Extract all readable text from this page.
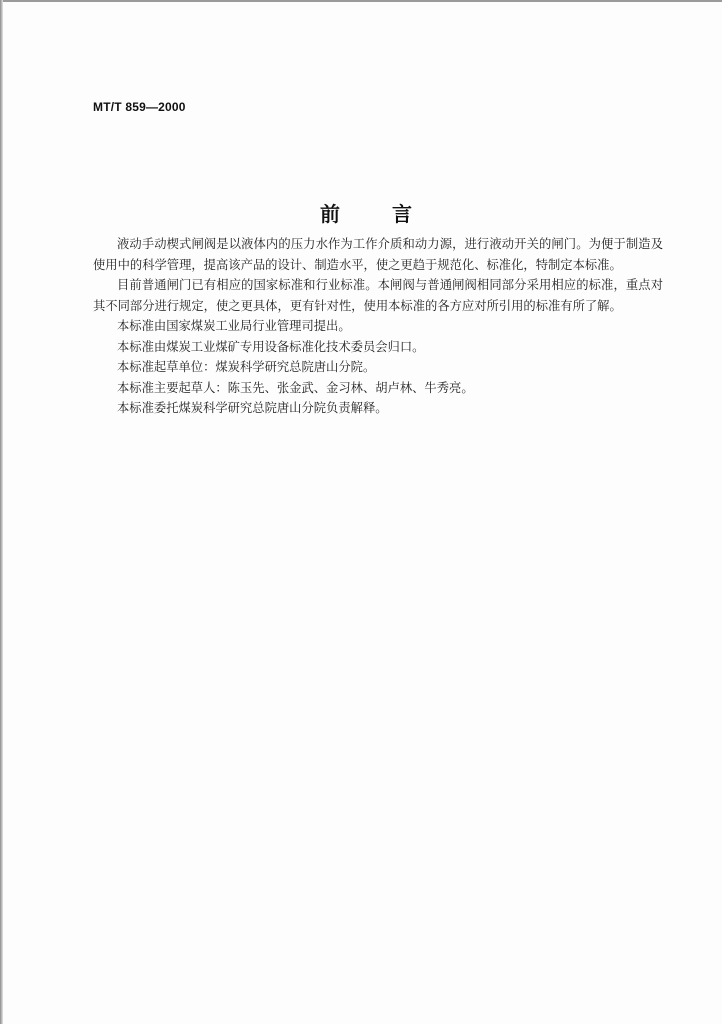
MT/T 859—2000
前	言

液动手动楔式闸阀是以液体内的压力水作为工作介质和动力源，进行液动开关的闸门。为便于制造及使用中的科学管理，提高该产品的设计、制造水平，使之更趋于规范化、标准化，特制定本标准。

目前普通闸门已有相应的国家标准和行业标准。本闸阀与普通闸阀相同部分采用相应的标准，重点对其不同部分进行规定，使之更具体，更有针对性，使用本标准的各方应对所引用的标准有所了解。

本标准由国家煤炭工业局行业管理司提出。

本标准由煤炭工业煤矿专用设备标准化技术委员会归口。

本标准起草单位：煤炭科学研究总院唐山分院。

本标准主要起草人：陈玉先、张金武、金习林、胡卢林、牛秀亮。

本标准委托煤炭科学研究总院唐山分院负责解释。
